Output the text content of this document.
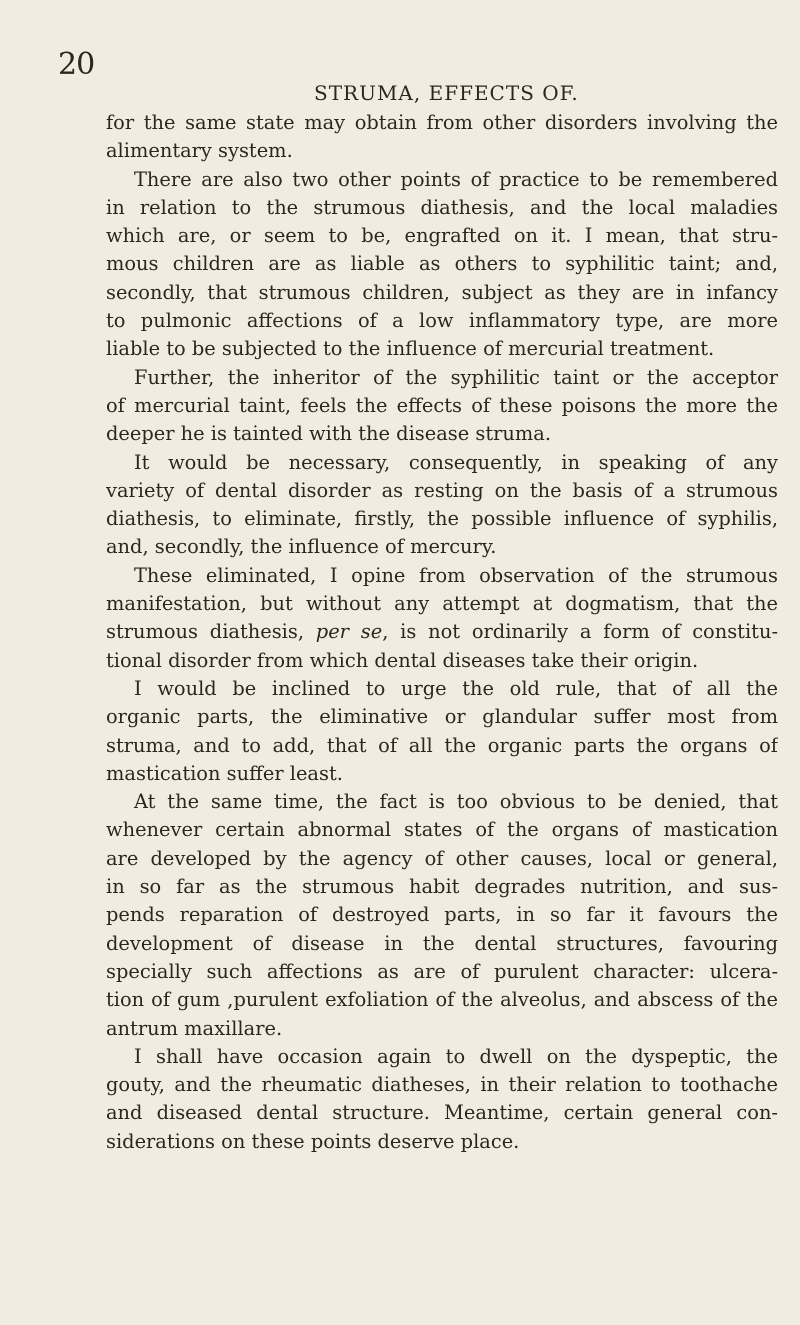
20
STRUMA, EFFECTS OF.
for the same state may obtain from other disorders involving the
alimentary system.
There are also two other points of practice to be remembered
in relation to the strumous diathesis, and the local maladies
which are, or seem to be, engrafted on it. I mean, that stru-
mous children are as liable as others to syphilitic taint; and,
secondly, that strumous children, subject as they are in infancy
to pulmonic affections of a low inflammatory type, are more
liable to be subjected to the influence of mercurial treatment.
Further, the inheritor of the syphilitic taint or the acceptor
of mercurial taint, feels the effects of these poisons the more the
deeper he is tainted with the disease struma.
It would be necessary, consequently, in speaking of any
variety of dental disorder as resting on the basis of a strumous
diathesis, to eliminate, firstly, the possible influence of syphilis,
and, secondly, the influence of mercury.
These eliminated, I opine from observation of the strumous
manifestation, but without any attempt at dogmatism, that the
strumous diathesis, per se, is not ordinarily a form of constitu-
tional disorder from which dental diseases take their origin.
I would be inclined to urge the old rule, that of all the
organic parts, the eliminative or glandular suffer most from
struma, and to add, that of all the organic parts the organs of
mastication suffer least.
At the same time, the fact is too obvious to be denied, that
whenever certain abnormal states of the organs of mastication
are developed by the agency of other causes, local or general,
in so far as the strumous habit degrades nutrition, and sus-
pends reparation of destroyed parts, in so far it favours the
development of disease in the dental structures, favouring
specially such affections as are of purulent character: ulcera-
tion of gum ,purulent exfoliation of the alveolus, and abscess of the
antrum maxillare.
I shall have occasion again to dwell on the dyspeptic, the
gouty, and the rheumatic diatheses, in their relation to toothache
and diseased dental structure. Meantime, certain general con-
siderations on these points deserve place.
